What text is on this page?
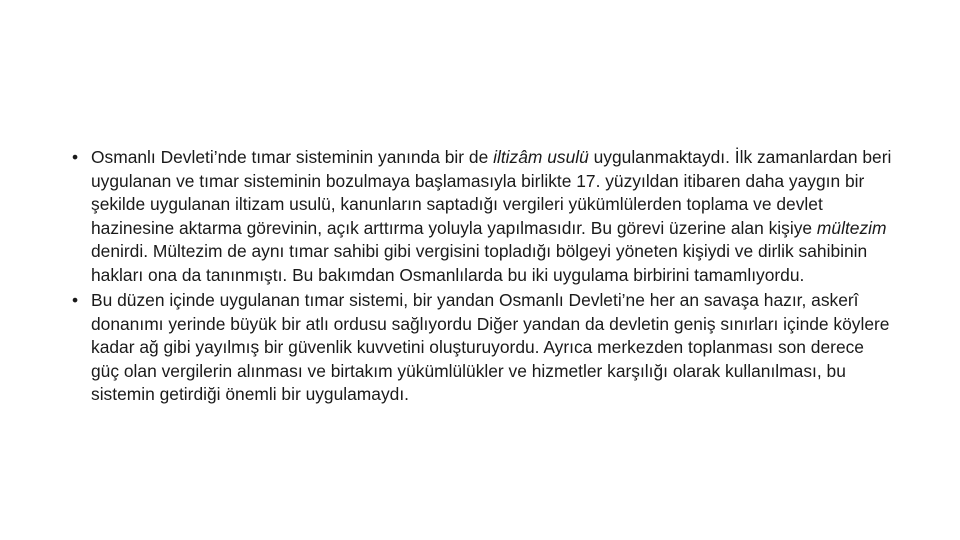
• Osmanlı Devleti’nde tımar sisteminin yanında bir de iltizâm usulü uygulanmaktaydı. İlk zamanlardan beri uygulanan ve tımar sisteminin bozulmaya başlamasıyla birlikte 17. yüzyıldan itibaren daha yaygın bir şekilde uygulanan iltizam usulü, kanunların saptadığı vergileri yükümlülerden toplama ve devlet hazinesine aktarma görevinin, açık arttırma yoluyla yapılmasıdır. Bu görevi üzerine alan kişiye mültezim denirdi. Mültezim de aynı tımar sahibi gibi vergisini topladığı bölgeyi yöneten kişiydi ve dirlik sahibinin hakları ona da tanınmıştı. Bu bakımdan Osmanlılarda bu iki uygulama birbirini tamamlıyordu.
• Bu düzen içinde uygulanan tımar sistemi, bir yandan Osmanlı Devleti’ne her an savaşa hazır, askerî donanımı yerinde büyük bir atlı ordusu sağlıyordu Diğer yandan da devletin geniş sınırları içinde köylere kadar ağ gibi yayılmış bir güvenlik kuvvetini oluşturuyordu. Ayrıca merkezden toplanması son derece güç olan vergilerin alınması ve birtakım yükümlülükler ve hizmetler karşılığı olarak kullanılması, bu sistemin getirdiği önemli bir uygulamaydı.
